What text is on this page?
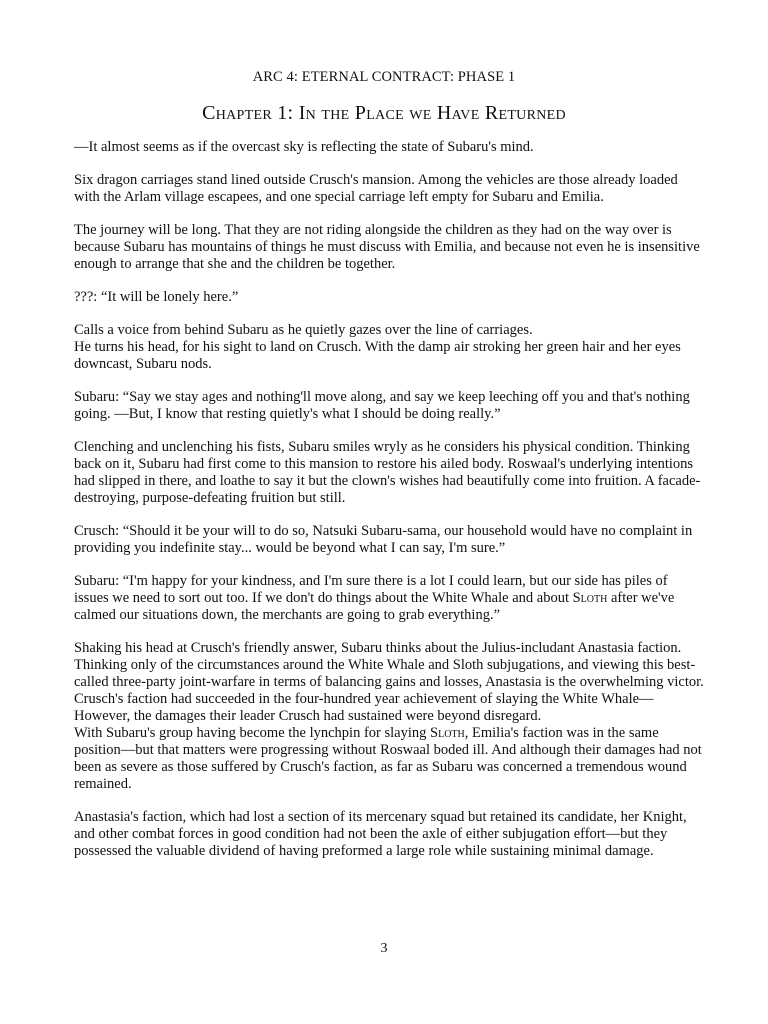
ARC 4: ETERNAL CONTRACT: PHASE 1
Chapter 1: In the Place we Have Returned

—It almost seems as if the overcast sky is reflecting the state of Subaru's mind.

Six dragon carriages stand lined outside Crusch's mansion. Among the vehicles are those already loaded with the Arlam village escapees, and one special carriage left empty for Subaru and Emilia.

The journey will be long. That they are not riding alongside the children as they had on the way over is because Subaru has mountains of things he must discuss with Emilia, and because not even he is insensitive enough to arrange that she and the children be together.

???: “It will be lonely here.”

Calls a voice from behind Subaru as he quietly gazes over the line of carriages.

He turns his head, for his sight to land on Crusch. With the damp air stroking her green hair and her eyes downcast, Subaru nods.

Subaru: “Say we stay ages and nothing'll move along, and say we keep leeching off you and that's nothing going. —But, I know that resting quietly's what I should be doing really.”

Clenching and unclenching his fists, Subaru smiles wryly as he considers his physical condition. Thinking back on it, Subaru had first come to this mansion to restore his ailed body. Roswaal's underlying intentions had slipped in there, and loathe to say it but the clown's wishes had beautifully come into fruition. A facade-destroying, purpose-defeating fruition but still.

Crusch: “Should it be your will to do so, Natsuki Subaru-sama, our household would have no complaint in providing you indefinite stay... would be beyond what I can say, I'm sure.”

Subaru: “I'm happy for your kindness, and I'm sure there is a lot I could learn, but our side has piles of issues we need to sort out too. If we don't do things about the White Whale and about Sloth after we've calmed our situations down, the merchants are going to grab everything.”

Shaking his head at Crusch's friendly answer, Subaru thinks about the Julius-includant Anastasia faction.

Thinking only of the circumstances around the White Whale and Sloth subjugations, and viewing this best-called three-party joint-warfare in terms of balancing gains and losses, Anastasia is the overwhelming victor.

Crusch's faction had succeeded in the four-hundred year achievement of slaying the White Whale—However, the damages their leader Crusch had sustained were beyond disregard.

With Subaru's group having become the lynchpin for slaying Sloth, Emilia's faction was in the same position—but that matters were progressing without Roswaal boded ill. And although their damages had not been as severe as those suffered by Crusch's faction, as far as Subaru was concerned a tremendous wound remained.

Anastasia's faction, which had lost a section of its mercenary squad but retained its candidate, her Knight, and other combat forces in good condition had not been the axle of either subjugation effort—but they possessed the valuable dividend of having preformed a large role while sustaining minimal damage.

3
